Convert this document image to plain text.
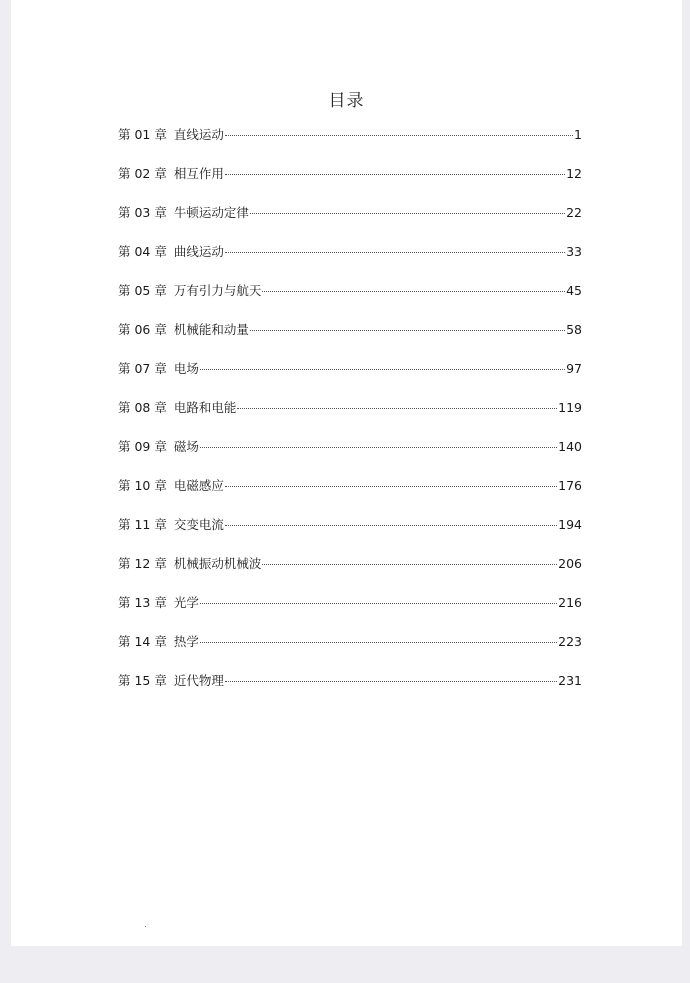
目录
第 01 章 直线运动	1
第 02 章 相互作用	12
第 03 章 牛顿运动定律	22
第 04 章 曲线运动	33
第 05 章 万有引力与航天	45
第 06 章 机械能和动量	58
第 07 章 电场	97
第 08 章 电路和电能	119
第 09 章 磁场	140
第 10 章 电磁感应	176
第 11 章 交变电流	194
第 12 章 机械振动机械波	206
第 13 章 光学	216
第 14 章 热学	223
第 15 章 近代物理	231
